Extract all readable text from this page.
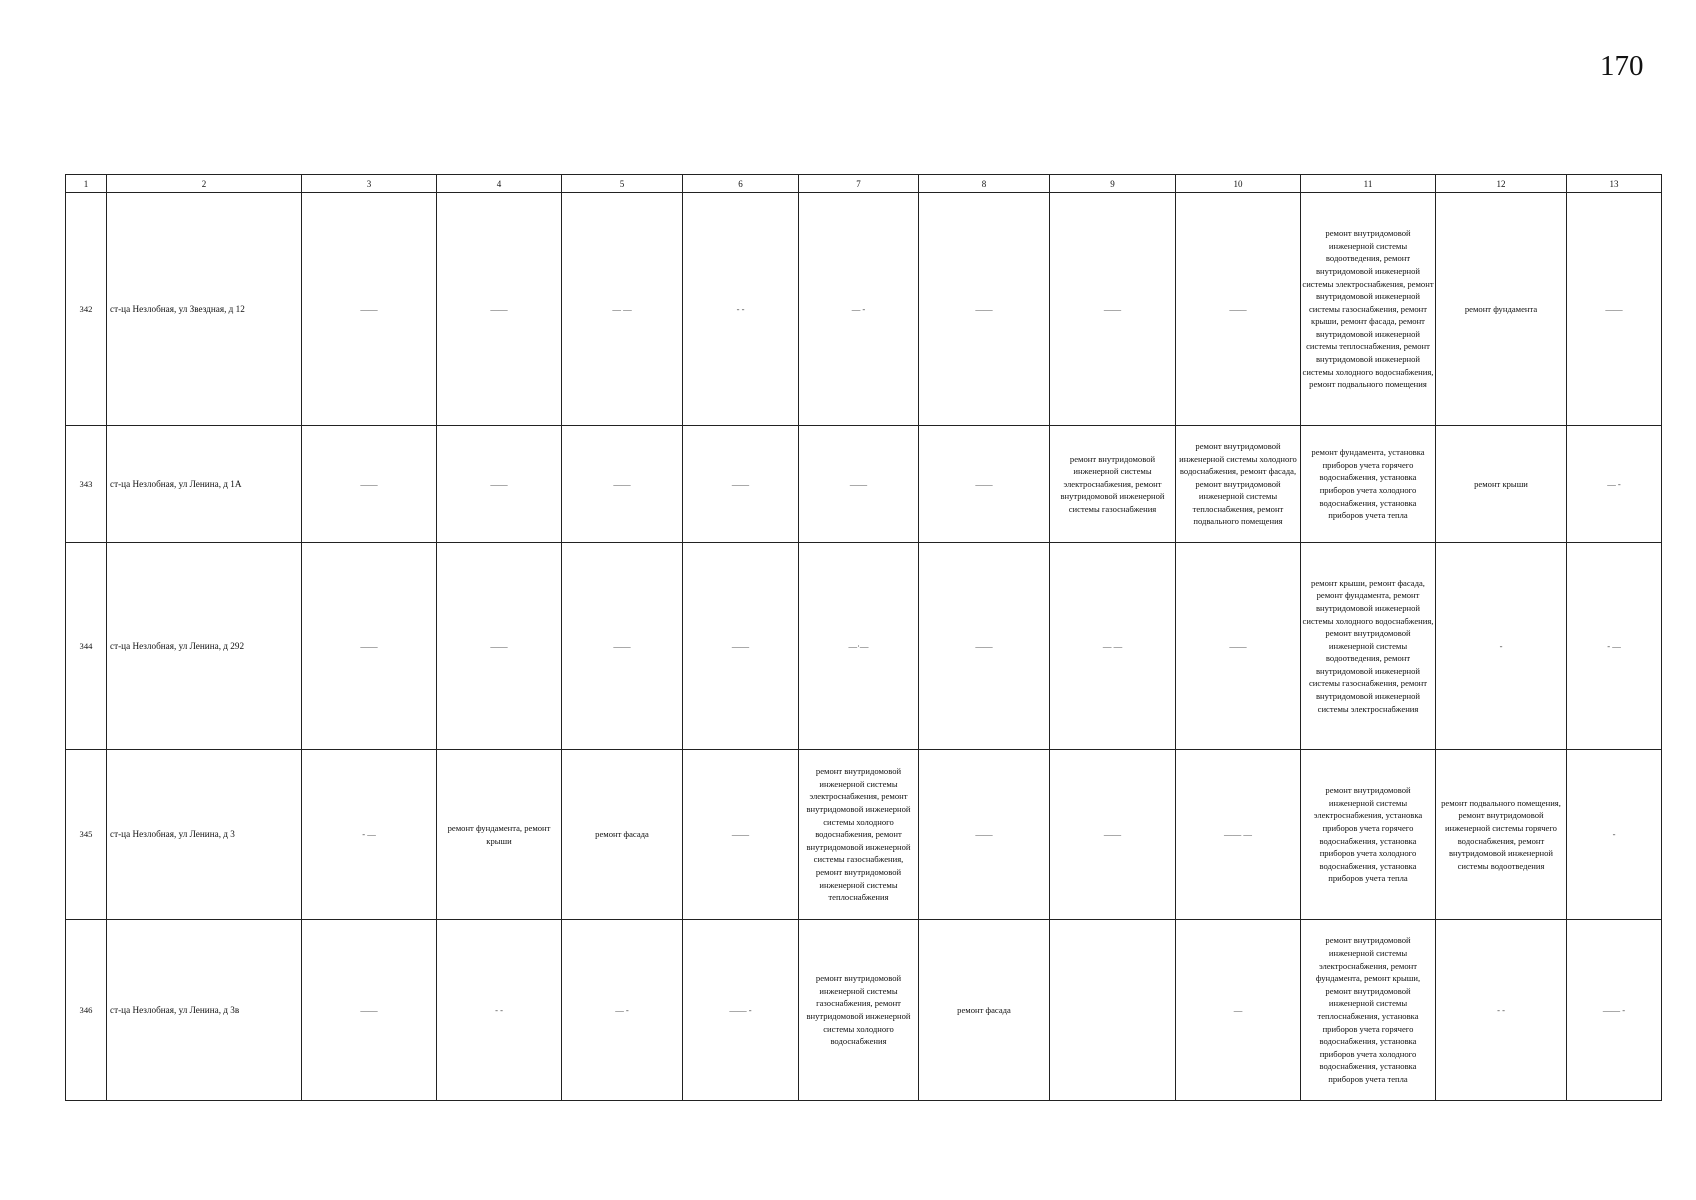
170
1	2	3	4	5	6	7	8	9	10	11	12	13
342	ст-ца Незлобная, ул Звездная, д 12	——	——	— —	- -	— -	——	——	——	ремонт внутридомовой инженерной системы водоотведения, ремонт внутридомовой инженерной системы электроснабжения, ремонт внутридомовой инженерной системы газоснабжения, ремонт крыши, ремонт фасада, ремонт внутридомовой инженерной системы теплоснабжения, ремонт внутридомовой инженерной системы холодного водоснабжения, ремонт подвального помещения	ремонт фундамента	——
343	ст-ца Незлобная, ул Ленина, д 1А	——	——	——	——	——	——	ремонт внутридомовой инженерной системы электроснабжения, ремонт внутридомовой инженерной системы газоснабжения	ремонт внутридомовой инженерной системы холодного водоснабжения, ремонт фасада, ремонт внутридомовой инженерной системы теплоснабжения, ремонт подвального помещения	ремонт фундамента, установка приборов учета горячего водоснабжения, установка приборов учета холодного водоснабжения, установка приборов учета тепла	ремонт крыши	— -
344	ст-ца Незлобная, ул Ленина, д 292	——	——	——	——	—·—	——	— —	——	ремонт крыши, ремонт фасада, ремонт фундамента, ремонт внутридомовой инженерной системы холодного водоснабжения, ремонт внутридомовой инженерной системы водоотведения, ремонт внутридомовой инженерной системы газоснабжения, ремонт внутридомовой инженерной системы электроснабжения	-	- —
345	ст-ца Незлобная, ул Ленина, д 3	- —	ремонт фундамента, ремонт крыши	ремонт фасада	——	ремонт внутридомовой инженерной системы электроснабжения, ремонт внутридомовой инженерной системы холодного водоснабжения, ремонт внутридомовой инженерной системы газоснабжения, ремонт внутридомовой инженерной системы теплоснабжения	——	——	—— —	ремонт внутридомовой инженерной системы электроснабжения, установка приборов учета горячего водоснабжения, установка приборов учета холодного водоснабжения, установка приборов учета тепла	ремонт подвального помещения, ремонт внутридомовой инженерной системы горячего водоснабжения, ремонт внутридомовой инженерной системы водоотведения	-
346	ст-ца Незлобная, ул Ленина, д 3в	——	- -	— -	—— -	ремонт внутридомовой инженерной системы газоснабжения, ремонт внутридомовой инженерной системы холодного водоснабжения	ремонт фасада		—	ремонт внутридомовой инженерной системы электроснабжения, ремонт фундамента, ремонт крыши, ремонт внутридомовой инженерной системы теплоснабжения, установка приборов учета горячего водоснабжения, установка приборов учета холодного водоснабжения, установка приборов учета тепла	- -	—— -
